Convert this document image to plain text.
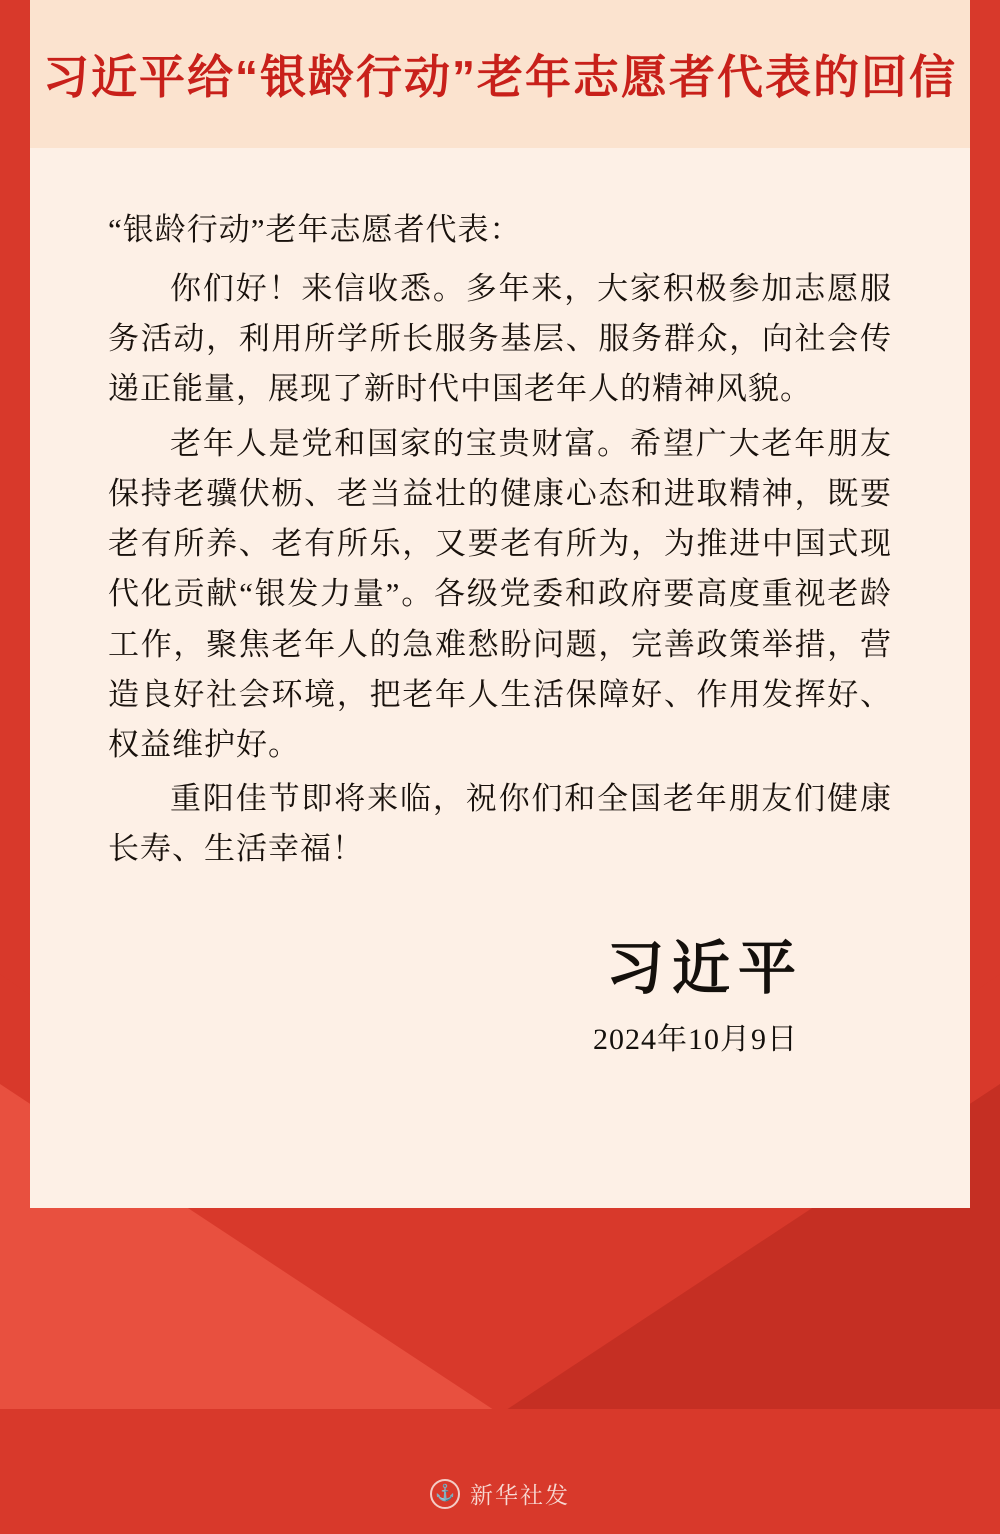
习近平给“银龄行动”老年志愿者代表的回信

“银龄行动”老年志愿者代表：

你们好！来信收悉。多年来，大家积极参加志愿服务活动，利用所学所长服务基层、服务群众，向社会传递正能量，展现了新时代中国老年人的精神风貌。

老年人是党和国家的宝贵财富。希望广大老年朋友保持老骥伏枥、老当益壮的健康心态和进取精神，既要老有所养、老有所乐，又要老有所为，为推进中国式现代化贡献“银发力量”。各级党委和政府要高度重视老龄工作，聚焦老年人的急难愁盼问题，完善政策举措，营造良好社会环境，把老年人生活保障好、作用发挥好、权益维护好。

重阳佳节即将来临，祝你们和全国老年朋友们健康长寿、生活幸福！

习近平
2024年10月9日
⚓ 新华社发
